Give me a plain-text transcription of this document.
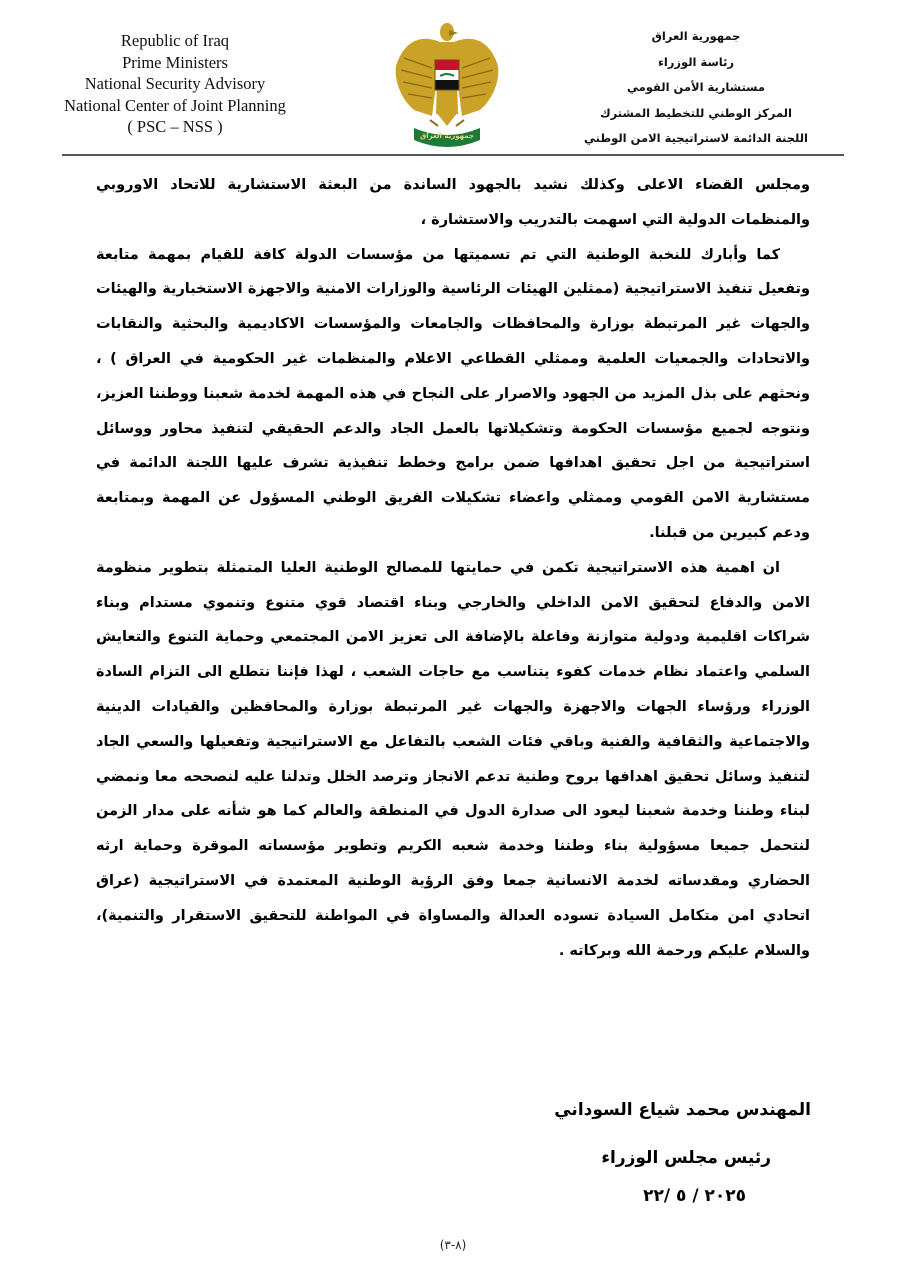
Republic of Iraq
Prime Ministers
National Security Advisory
National Center of Joint Planning
( PSC – NSS )	جمهورية العراق
جمهورية العراق
رئاسة الوزراء
مستشارية الأمن القومي
المركز الوطني للتخطيط المشترك
اللجنة الدائمة لاستراتيجية الامن الوطني

ومجلس القضاء الاعلى وكذلك نشيد بالجهود الساندة من البعثة الاستشارية للاتحاد الاوروبي والمنظمات الدولية التي اسهمت بالتدريب والاستشارة ،

كما وأبارك للنخبة الوطنية التي تم تسميتها من مؤسسات الدولة كافة للقيام بمهمة متابعة وتفعيل تنفيذ الاستراتيجية (ممثلين الهيئات الرئاسية والوزارات الامنية والاجهزة الاستخبارية والهيئات والجهات غير المرتبطة بوزارة والمحافظات والجامعات والمؤسسات الاكاديمية والبحثية والنقابات والاتحادات والجمعيات العلمية وممثلي القطاعي الاعلام والمنظمات غير الحكومية في العراق ) ، ونحثهم على بذل المزيد من الجهود والاصرار على النجاح في هذه المهمة لخدمة شعبنا ووطننا العزيز، ونتوجه لجميع مؤسسات الحكومة وتشكيلاتها بالعمل الجاد والدعم الحقيقي لتنفيذ محاور ووسائل استراتيجية من اجل تحقيق اهدافها ضمن برامج وخطط تنفيذية تشرف عليها اللجنة الدائمة في مستشارية الامن القومي وممثلي واعضاء تشكيلات الفريق الوطني المسؤول عن المهمة وبمتابعة ودعم كبيرين من قبلنا.

ان اهمية هذه الاستراتيجية تكمن في حمايتها للمصالح الوطنية العليا المتمثلة بتطوير منظومة الامن والدفاع لتحقيق الامن الداخلي والخارجي وبناء اقتصاد قوي متنوع وتنموي مستدام وبناء شراكات اقليمية ودولية متوازنة وفاعلة بالإضافة الى تعزيز الامن المجتمعي وحماية التنوع والتعايش السلمي واعتماد نظام خدمات كفوء يتناسب مع حاجات الشعب ، لهذا فإننا نتطلع الى التزام السادة الوزراء ورؤساء الجهات والاجهزة والجهات غير المرتبطة بوزارة والمحافظين والقيادات الدينية والاجتماعية والثقافية والفنية وباقي فئات الشعب بالتفاعل مع الاستراتيجية وتفعيلها والسعي الجاد لتنفيذ وسائل تحقيق اهدافها بروح وطنية تدعم الانجاز وترصد الخلل وتدلنا عليه لنصححه معا ونمضي لبناء وطننا وخدمة شعبنا ليعود الى صدارة الدول في المنطقة والعالم كما هو شأنه على مدار الزمن لنتحمل جميعا مسؤولية بناء وطننا وخدمة شعبه الكريم وتطوير مؤسساته الموقرة وحماية ارثه الحضاري ومقدساته لخدمة الانسانية جمعا وفق الرؤية الوطنية المعتمدة في الاستراتيجية (عراق اتحادي امن متكامل السيادة تسوده العدالة والمساواة في المواطنة للتحقيق الاستقرار والتنمية)، والسلام عليكم ورحمة الله وبركاته .

المهندس محمد شياع السوداني
رئيس مجلس الوزراء
٢٠٢٥ / ٥ /٢٢
(٨-٣)
